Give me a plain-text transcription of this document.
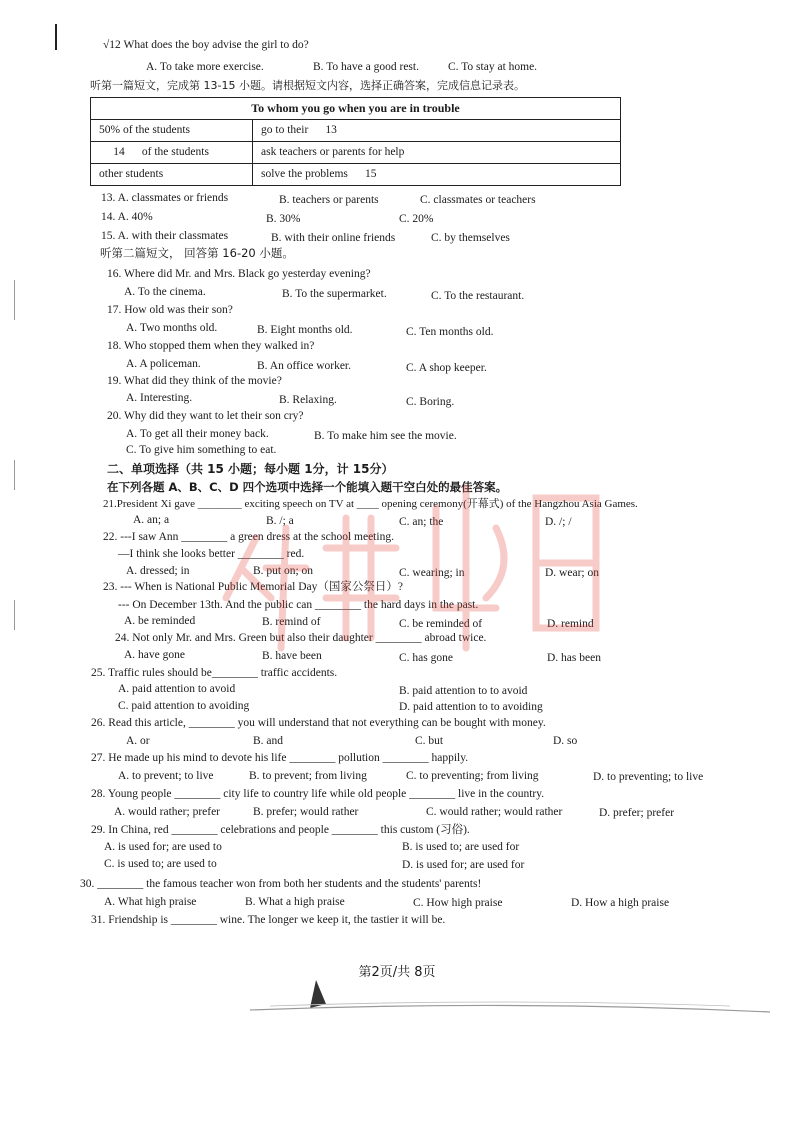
√12 What does the boy advise the girl to do?
A. To take more exercise.	B. To have a good rest.	C. To stay at home.
听第一篇短文，完成第 13-15 小题。请根据短文内容，选择正确答案，完成信息记录表。
To whom you go when you are in trouble
50% of the students	go to their 13
14 of the students	ask teachers or parents for help
other students	solve the problems 15
13. A. classmates or friends	B. teachers or parents	C. classmates or teachers
14. A. 40%	B. 30%	C. 20%
15. A. with their classmates	B. with their online friends	C. by themselves
听第二篇短文， 回答第 16-20 小题。
16. Where did Mr. and Mrs. Black go yesterday evening?
A. To the cinema.	B. To the supermarket.	C. To the restaurant.
17. How old was their son?
A. Two months old.	B. Eight months old.	C. Ten months old.
18. Who stopped them when they walked in?
A. A policeman.	B. An office worker.	C. A shop keeper.
19. What did they think of the movie?
A. Interesting.	B. Relaxing.	C. Boring.
20. Why did they want to let their son cry?
A. To get all their money back.	B. To make him see the movie.
C. To give him something to eat.
二、单项选择（共 15 小题；每小题 1分，计 15分）
在下列各题 A、B、C、D 四个选项中选择一个能填入题干空白处的最佳答案。
21.President Xi gave ________ exciting speech on TV at ____ opening ceremony(开幕式) of the Hangzhou Asia Games.
A. an; a	B. /; a	C. an; the	D. /; /
22. ---I saw Ann ________ a green dress at the school meeting.
—I think she looks better ________ red.
A. dressed; in	B. put on; on	C. wearing; in	D. wear; on
23. --- When is National Public Memorial Day（国家公祭日）?
--- On December 13th. And the public can ________ the hard days in the past.
A. be reminded	B. remind of	C. be reminded of	D. remind
24. Not only Mr. and Mrs. Green but also their daughter ________ abroad twice.
A. have gone	B. have been	C. has gone	D. has been
25. Traffic rules should be________ traffic accidents.
A. paid attention to avoid	B. paid attention to to avoid
C. paid attention to avoiding	D. paid attention to to avoiding
26. Read this article, ________ you will understand that not everything can be bought with money.
A. or	B. and	C. but	D. so
27. He made up his mind to devote his life ________ pollution ________ happily.
A. to prevent; to live	B. to prevent; from living	C. to preventing; from living	D. to preventing; to live
28. Young people ________ city life to country life while old people ________ live in the country.
A. would rather; prefer	B. prefer; would rather	C. would rather; would rather	D. prefer; prefer
29. In China, red ________ celebrations and people ________ this custom (习俗).
A. is used for; are used to	B. is used to; are used for
C. is used to; are used to	D. is used for; are used for
30. ________ the famous teacher won from both her students and the students' parents!
A. What high praise	B. What a high praise	C. How high praise	D. How a high praise
31. Friendship is ________ wine. The longer we keep it, the tastier it will be.
第2页/共 8页
